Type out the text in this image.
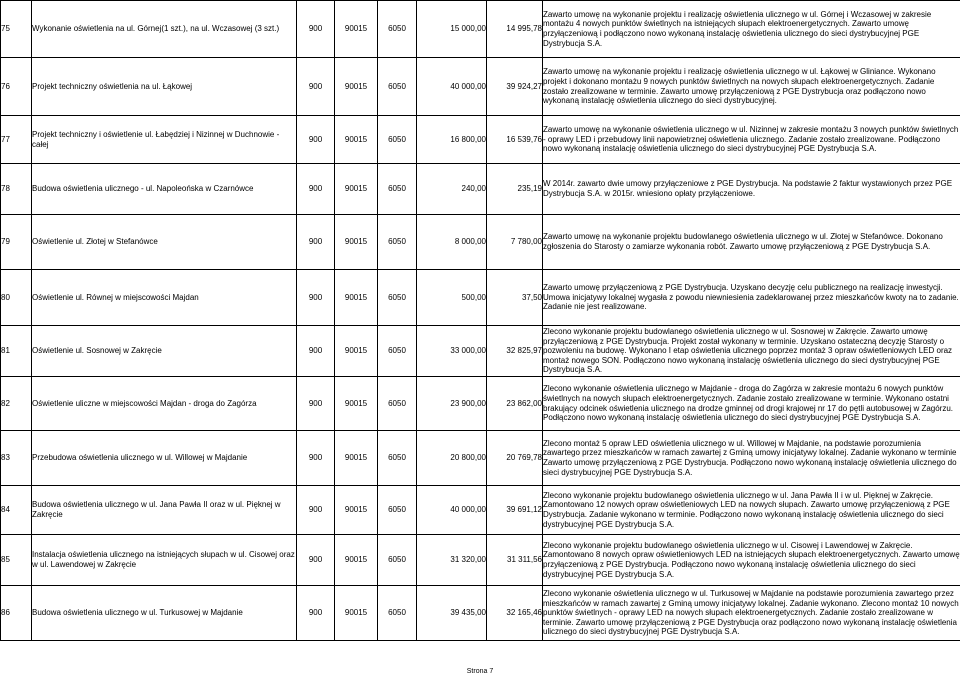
75	Wykonanie oświetlenia na ul. Górnej(1 szt.), na ul. Wczasowej (3 szt.)	900	90015	6050	15 000,00	14 995,78	Zawarto umowę na wykonanie projektu i realizację oświetlenia ulicznego w ul. Górnej i Wczasowej w zakresie montażu 4 nowych punktów świetlnych na istniejących słupach elektroenergetycznych. Zawarto umowę przyłączeniową i podłączono nowo wykonaną instalację oświetlenia ulicznego do sieci dystrybucyjnej PGE Dystrybucja S.A.
76	Projekt techniczny oświetlenia na ul. Łąkowej	900	90015	6050	40 000,00	39 924,27	Zawarto umowę na wykonanie projektu i realizację oświetlenia ulicznego w ul. Łąkowej w Gliniance. Wykonano projekt i dokonano montażu 9 nowych punktów świetlnych na nowych słupach elektroenergetycznych. Zadanie zostało zrealizowane w terminie. Zawarto umowę przyłączeniową z PGE Dystrybucja oraz podłączono nowo wykonaną instalację oświetlenia ulicznego do sieci dystrybucyjnej.
77	Projekt techniczny i oświetlenie ul. Łabędziej i Nizinnej w Duchnowie - całej	900	90015	6050	16 800,00	16 539,76	Zawarto umowę na wykonanie oświetlenia ulicznego w ul. Nizinnej w zakresie montażu 3 nowych punktów świetlnych - oprawy LED i przebudowy linii napowietrznej oświetlenia ulicznego. Zadanie zostało zrealizowane. Podłączono nowo wykonaną instalację oświetlenia ulicznego do sieci dystrybucyjnej PGE Dystrybucja S.A.
78	Budowa oświetlenia ulicznego - ul. Napoleońska w Czarnówce	900	90015	6050	240,00	235,19	W 2014r. zawarto dwie umowy przyłączeniowe z PGE Dystrybucja. Na podstawie 2 faktur wystawionych przez PGE Dystrybucja S.A. w 2015r. wniesiono opłaty przyłączeniowe.
79	Oświetlenie ul. Złotej w Stefanówce	900	90015	6050	8 000,00	7 780,00	Zawarto umowę na wykonanie projektu budowlanego oświetlenia ulicznego w ul. Złotej w Stefanówce. Dokonano zgłoszenia do Starosty o zamiarze wykonania robót. Zawarto umowę przyłączeniową z PGE Dystrybucja S.A.
80	Oświetlenie ul. Równej w miejscowości Majdan	900	90015	6050	500,00	37,50	Zawarto umowę przyłączeniową z PGE Dystrybucja. Uzyskano decyzję celu publicznego na realizację inwestycji. Umowa inicjatywy lokalnej wygasła z powodu niewniesienia zadeklarowanej przez mieszkańców kwoty na to zadanie. Zadanie nie jest realizowane.
81	Oświetlenie ul. Sosnowej w Zakręcie	900	90015	6050	33 000,00	32 825,97	Zlecono wykonanie projektu budowlanego oświetlenia ulicznego w ul. Sosnowej w Zakręcie. Zawarto umowę przyłączeniową z PGE Dystrybucja. Projekt został wykonany w terminie. Uzyskano ostateczną decyzję Starosty o pozwoleniu na budowę. Wykonano I etap oświetlenia ulicznego poprzez montaż 3 opraw oświetleniowych LED oraz montaż nowego SON. Podłączono nowo wykonaną instalację oświetlenia ulicznego do sieci dystrybucyjnej PGE Dystrybucja S.A.
82	Oświetlenie uliczne w miejscowości Majdan - droga do Zagórza	900	90015	6050	23 900,00	23 862,00	Zlecono wykonanie oświetlenia ulicznego w Majdanie - droga do Zagórza w zakresie montażu 6 nowych punktów świetlnych na nowych słupach elektroenergetycznych. Zadanie zostało zrealizowane w terminie. Wykonano ostatni brakujący odcinek oświetlenia ulicznego na drodze gminnej od drogi krajowej nr 17 do pętli autobusowej w Zagórzu. Podłączono nowo wykonaną instalację oświetlenia ulicznego do sieci dystrybucyjnej PGE Dystrybucja S.A.
83	Przebudowa oświetlenia ulicznego w ul. Willowej w Majdanie	900	90015	6050	20 800,00	20 769,78	Zlecono montaż 5 opraw LED oświetlenia ulicznego w ul. Willowej w Majdanie, na podstawie porozumienia zawartego przez mieszkańców w ramach zawartej z Gminą umowy inicjatywy lokalnej. Zadanie wykonano w terminie Zawarto umowę przyłączeniową z PGE Dystrybucja. Podłączono nowo wykonaną instalację oświetlenia ulicznego do sieci dystrybucyjnej PGE Dystrybucja S.A.
84	Budowa oświetlenia ulicznego w ul. Jana Pawła II oraz w ul. Pięknej w Zakręcie	900	90015	6050	40 000,00	39 691,12	Zlecono wykonanie projektu budowlanego oświetlenia ulicznego w ul. Jana Pawła II i w ul. Pięknej w Zakręcie. Zamontowano 12 nowych opraw oświetleniowych LED na nowych słupach. Zawarto umowę przyłączeniową z PGE Dystrybucja. Zadanie wykonano w terminie. Podłączono nowo wykonaną instalację oświetlenia ulicznego do sieci dystrybucyjnej PGE Dystrybucja S.A.
85	Instalacja oświetlenia ulicznego na istniejących słupach w ul. Cisowej oraz w ul. Lawendowej w Zakręcie	900	90015	6050	31 320,00	31 311,56	Zlecono wykonanie projektu budowlanego oświetlenia ulicznego w ul. Cisowej i Lawendowej w Zakręcie. Zamontowano 8 nowych opraw oświetleniowych LED na istniejących słupach elektroenergetycznych. Zawarto umowę przyłączeniową z PGE Dystrybucja. Podłączono nowo wykonaną instalację oświetlenia ulicznego do sieci dystrybucyjnej PGE Dystrybucja S.A.
86	Budowa oświetlenia ulicznego w ul. Turkusowej w Majdanie	900	90015	6050	39 435,00	32 165,46	Zlecono wykonanie oświetlenia ulicznego w ul. Turkusowej w Majdanie na podstawie porozumienia zawartego przez mieszkańców w ramach zawartej z Gminą umowy inicjatywy lokalnej. Zadanie wykonano. Zlecono montaż 10 nowych punktów świetlnych - oprawy LED na nowych słupach elektroenergetycznych. Zadanie zostało zrealizowane w terminie. Zawarto umowę przyłączeniową z PGE Dystrybucja oraz podłączono nowo wykonaną instalację oświetlenia ulicznego do sieci dystrybucyjnej PGE Dystrybucja S.A.
Strona 7
